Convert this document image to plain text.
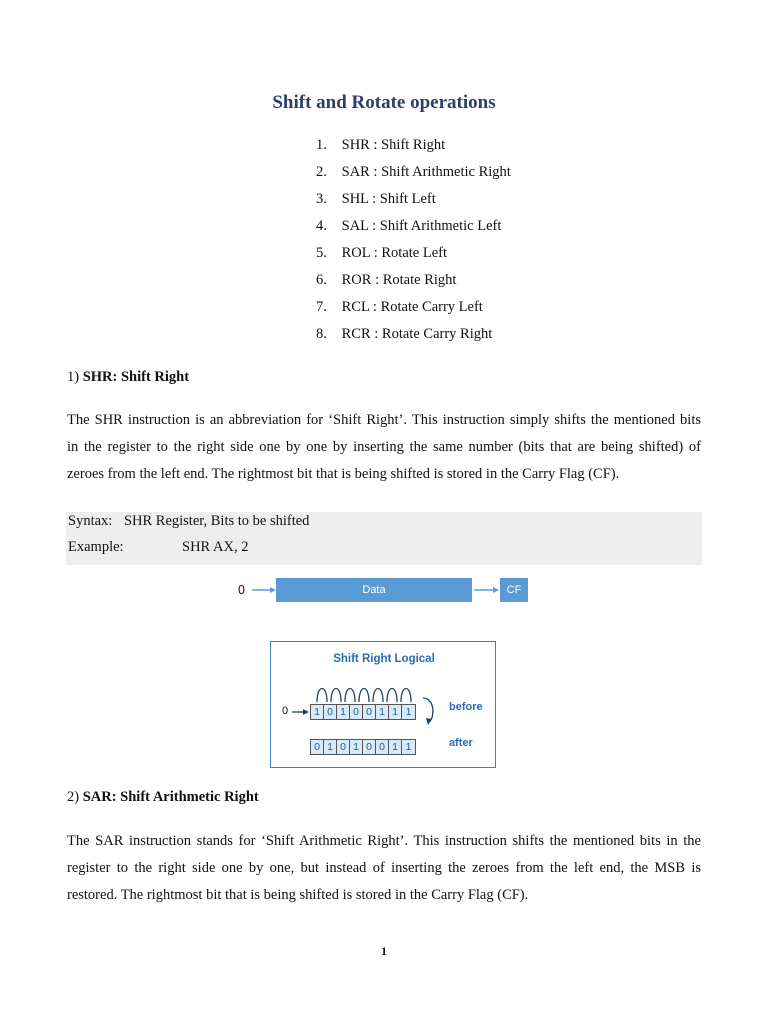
Shift and Rotate operations
1. SHR : Shift Right
2. SAR : Shift Arithmetic Right
3. SHL : Shift Left
4. SAL : Shift Arithmetic Left
5. ROL : Rotate Left
6. ROR : Rotate Right
7. RCL : Rotate Carry Left
8. RCR : Rotate Carry Right
1) SHR: Shift Right
The SHR instruction is an abbreviation for ‘Shift Right’. This instruction simply shifts the mentioned bits
in the register to the right side one by one by inserting the same number (bits that are being shifted) of
zeroes from the left end. The rightmost bit that is being shifted is stored in the Carry Flag (CF).
Syntax: SHR Register, Bits to be shifted
Example:	SHR AX, 2
0	Data	CF
Shift Right Logical
0 1 0 1 0 0 1 1 1	before
0 1 0 1 0 0 1 1	after
2) SAR: Shift Arithmetic Right
The SAR instruction stands for ‘Shift Arithmetic Right’. This instruction shifts the mentioned bits in the
register to the right side one by one, but instead of inserting the zeroes from the left end, the MSB is
restored. The rightmost bit that is being shifted is stored in the Carry Flag (CF).
1
